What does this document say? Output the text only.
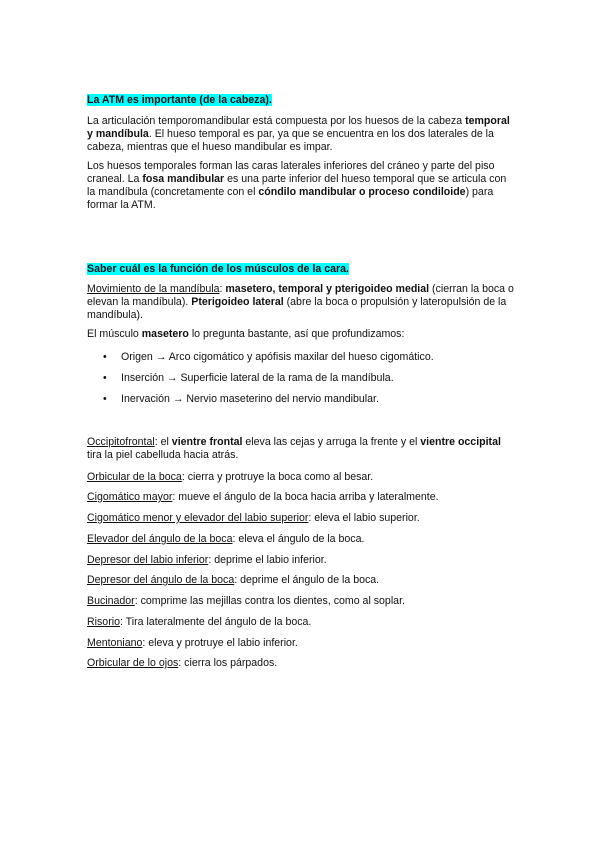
La ATM es importante (de la cabeza).

La articulación temporomandibular está compuesta por los huesos de la cabeza temporal y mandíbula. El hueso temporal es par, ya que se encuentra en los dos laterales de la cabeza, mientras que el hueso mandibular es impar.

Los huesos temporales forman las caras laterales inferiores del cráneo y parte del piso craneal. La fosa mandibular es una parte inferior del hueso temporal que se articula con la mandíbula (concretamente con el cóndilo mandibular o proceso condiloide) para formar la ATM.

Saber cuál es la función de los músculos de la cara.

Movimiento de la mandíbula: masetero, temporal y pterigoideo medial (cierran la boca o elevan la mandíbula). Pterigoideo lateral (abre la boca o propulsión y lateropulsión de la mandíbula).

El músculo masetero lo pregunta bastante, así que profundizamos:

• Origen → Arco cigomático y apófisis maxilar del hueso cigomático.
• Inserción → Superficie lateral de la rama de la mandíbula.
• Inervación → Nervio maseterino del nervio mandibular.

Occipitofrontal: el vientre frontal eleva las cejas y arruga la frente y el vientre occipital tira la piel cabelluda hacia atrás.

Orbicular de la boca: cierra y protruye la boca como al besar.

Cigomático mayor: mueve el ángulo de la boca hacia arriba y lateralmente.

Cigomático menor y elevador del labio superior: eleva el labio superior.

Elevador del ángulo de la boca: eleva el ángulo de la boca.

Depresor del labio inferior: deprime el labio inferior.

Depresor del ángulo de la boca: deprime el ángulo de la boca.

Bucinador: comprime las mejillas contra los dientes, como al soplar.

Risorio: Tira lateralmente del ángulo de la boca.

Mentoniano: eleva y protruye el labio inferior.

Orbicular de lo ojos: cierra los párpados.
